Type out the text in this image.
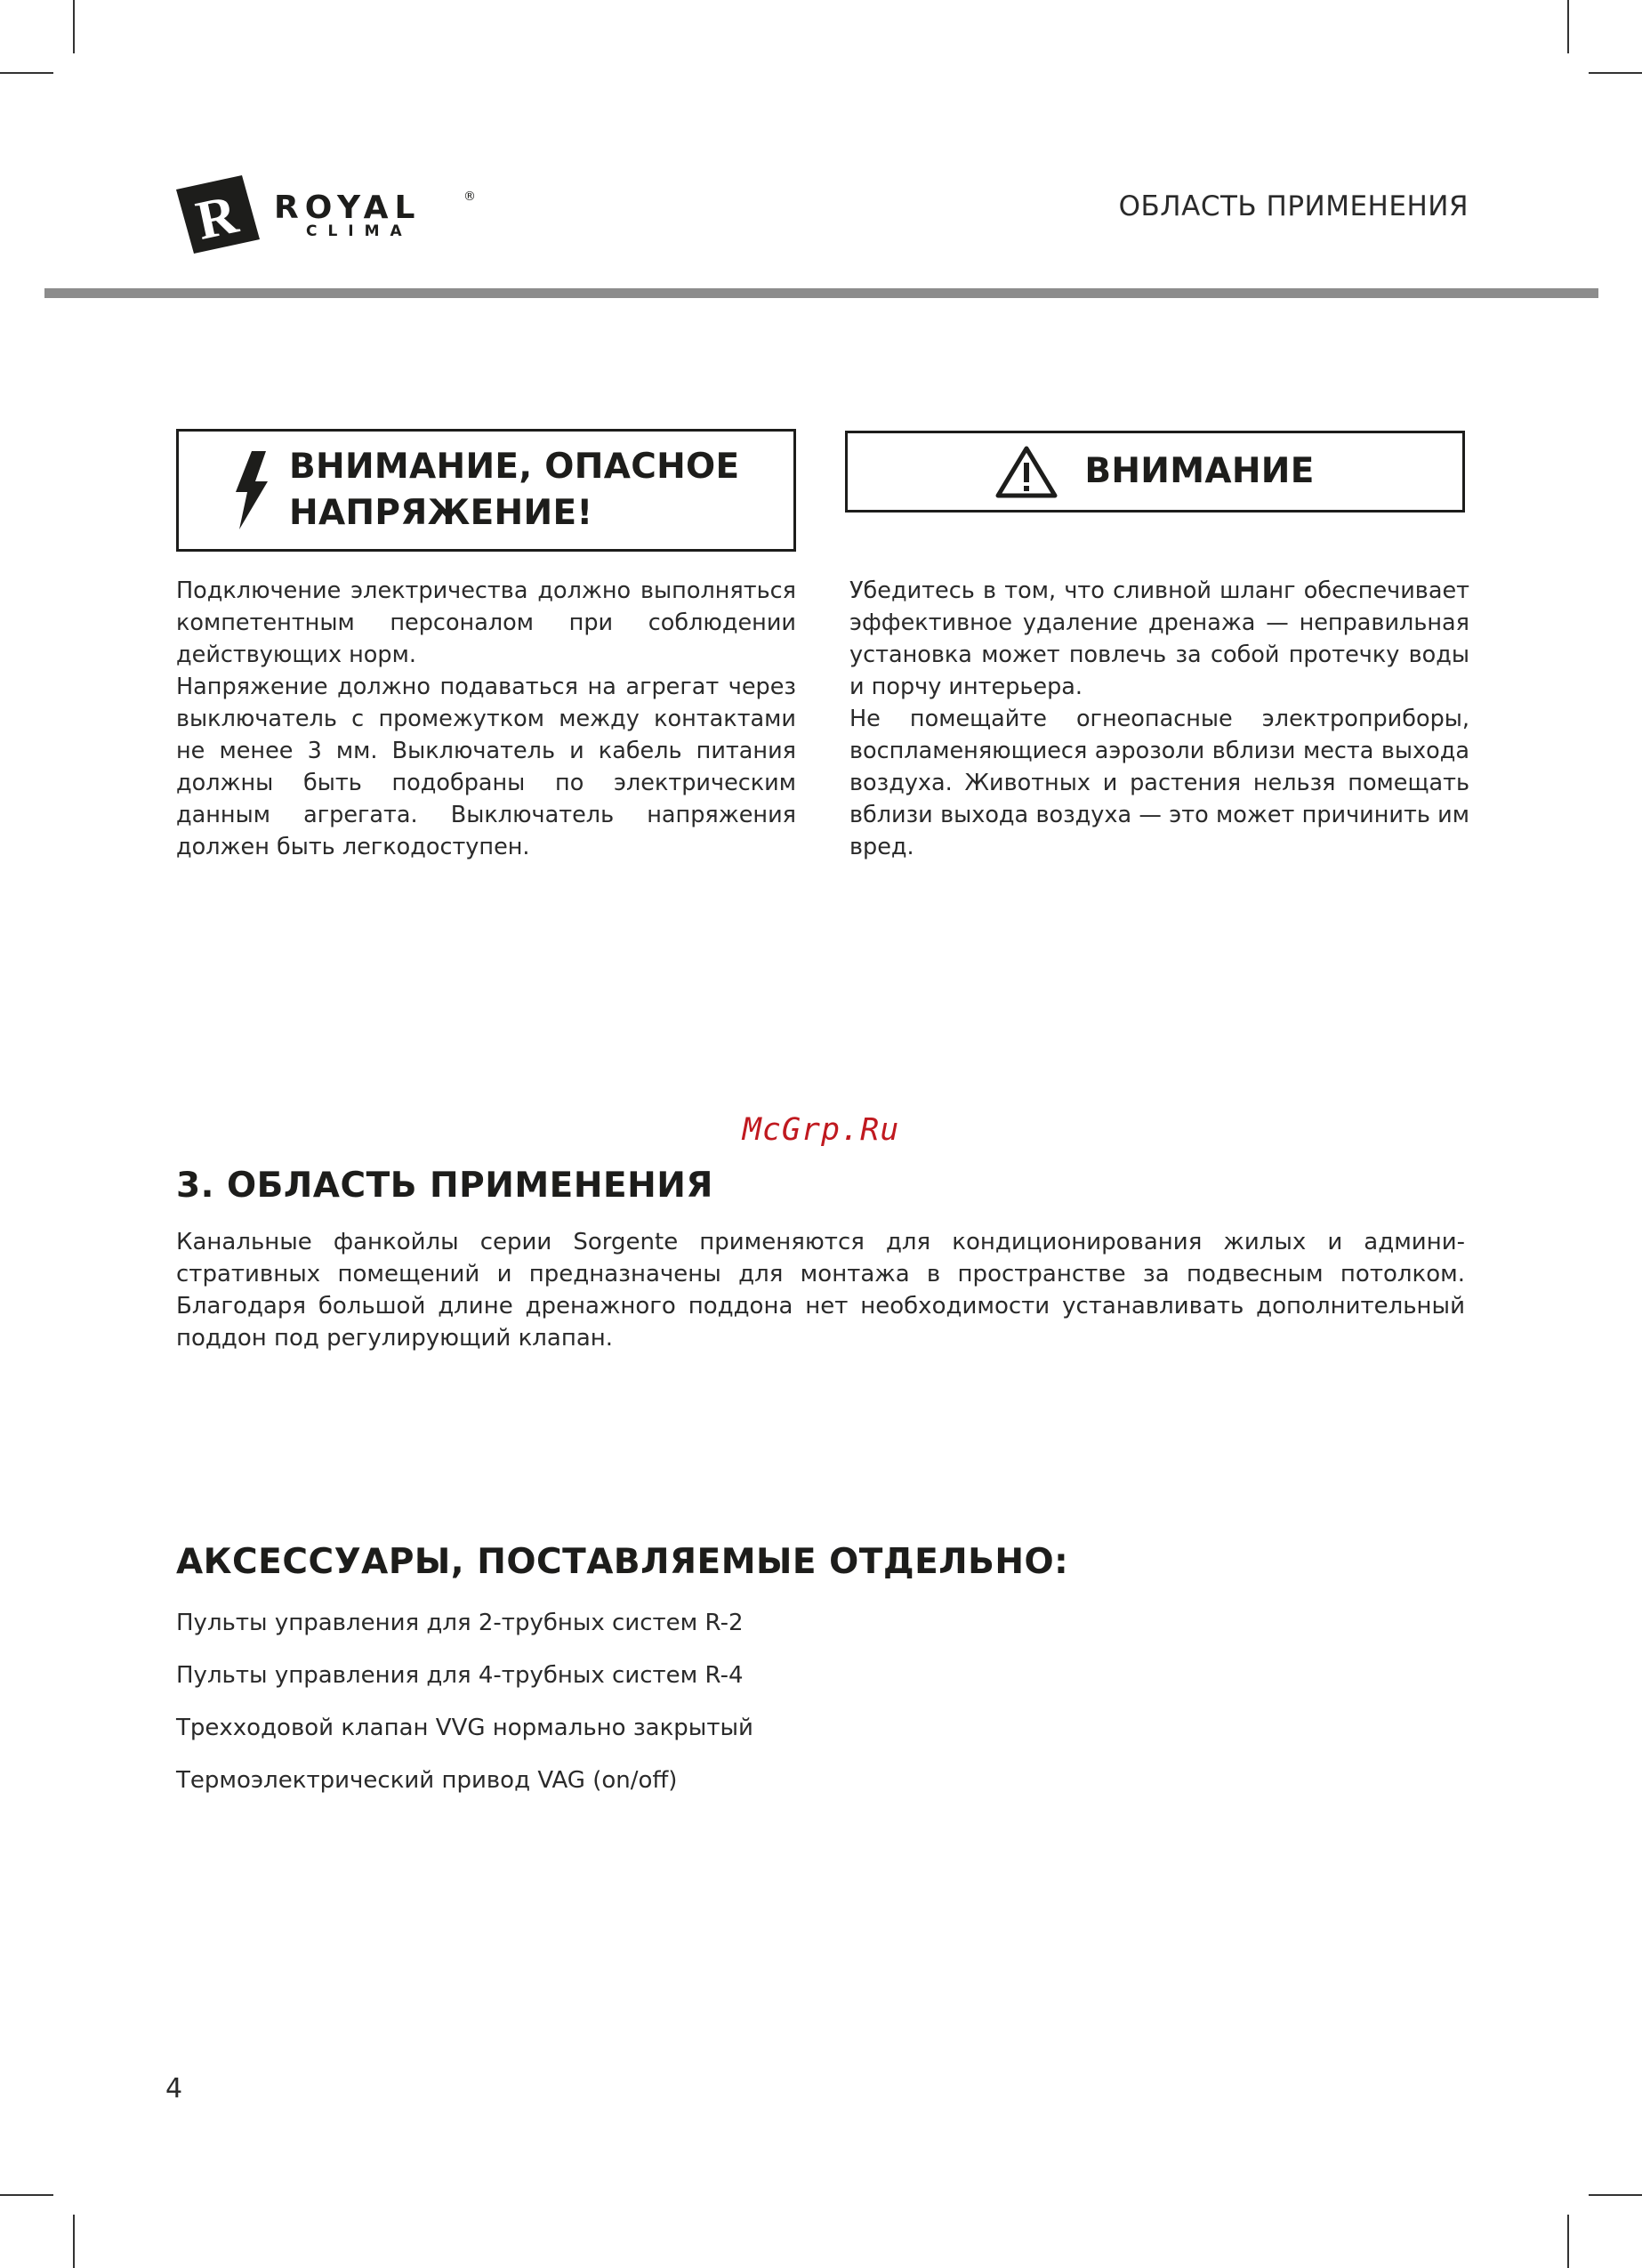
R ROYAL	®
CLIMA
ОБЛАСТЬ ПРИМЕНЕНИЯ
ВНИМАНИЕ, ОПАСНОЕ
НАПРЯЖЕНИЕ!
ВНИМАНИЕ

Подключение электричества должно выполняться компетентным персоналом при соблюдении действующих норм.

Напряжение должно подаваться на агрегат через выключатель с промежутком между контактами не менее 3 мм. Выключатель и кабель питания должны быть подобраны по электрическим данным агрегата. Выключатель напряжения должен быть легкодоступен.

Убедитесь в том, что сливной шланг обеспечивает эффективное удаление дренажа — неправильная установка может повлечь за собой протечку воды и порчу интерьера.

Не помещайте огнеопасные электроприборы, воспламеняющиеся аэрозоли вблизи места выхода воздуха. Животных и растения нельзя помещать вблизи выхода воздуха — это может причинить им вред.

McGrp.Ru
3. ОБЛАСТЬ ПРИМЕНЕНИЯ
Канальные фанкойлы серии Sorgente применяются для кондиционирования жилых и административных помещений и предназначены для монтажа в пространстве за подвесным потолком. Благодаря большой длине дренажного поддона нет необходимости устанавливать дополнительный поддон под регулирующий клапан.
АКСЕССУАРЫ, ПОСТАВЛЯЕМЫЕ ОТДЕЛЬНО:
Пульты управления для 2-трубных систем R-2
Пульты управления для 4-трубных систем R-4
Трехходовой клапан VVG нормально закрытый
Термоэлектрический привод VAG (on/off)
4
